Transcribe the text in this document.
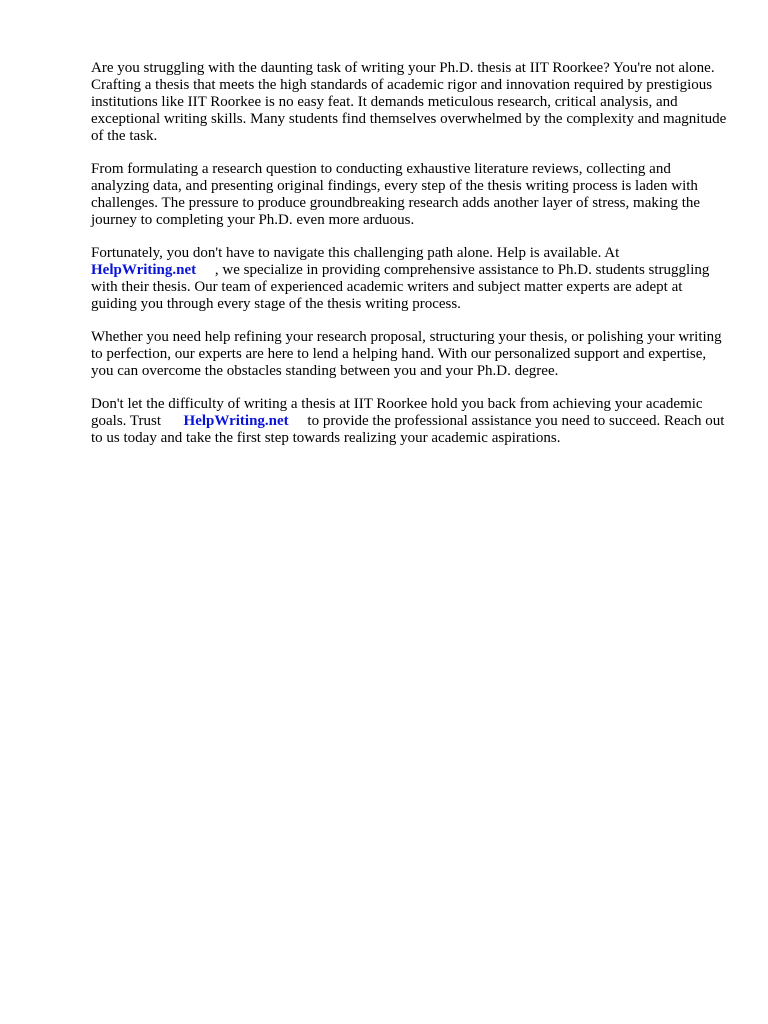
Are you struggling with the daunting task of writing your Ph.D. thesis at IIT Roorkee? You're not alone. Crafting a thesis that meets the high standards of academic rigor and innovation required by prestigious institutions like IIT Roorkee is no easy feat. It demands meticulous research, critical analysis, and exceptional writing skills. Many students find themselves overwhelmed by the complexity and magnitude of the task.

From formulating a research question to conducting exhaustive literature reviews, collecting and analyzing data, and presenting original findings, every step of the thesis writing process is laden with challenges. The pressure to produce groundbreaking research adds another layer of stress, making the journey to completing your Ph.D. even more arduous.

Fortunately, you don't have to navigate this challenging path alone. Help is available. At
HelpWriting.net , we specialize in providing comprehensive assistance to Ph.D. students struggling with their thesis. Our team of experienced academic writers and subject matter experts are adept at guiding you through every stage of the thesis writing process.

Whether you need help refining your research proposal, structuring your thesis, or polishing your writing to perfection, our experts are here to lend a helping hand. With our personalized support and expertise, you can overcome the obstacles standing between you and your Ph.D. degree.

Don't let the difficulty of writing a thesis at IIT Roorkee hold you back from achieving your academic goals. Trust HelpWriting.net to provide the professional assistance you need to succeed. Reach out to us today and take the first step towards realizing your academic aspirations.
